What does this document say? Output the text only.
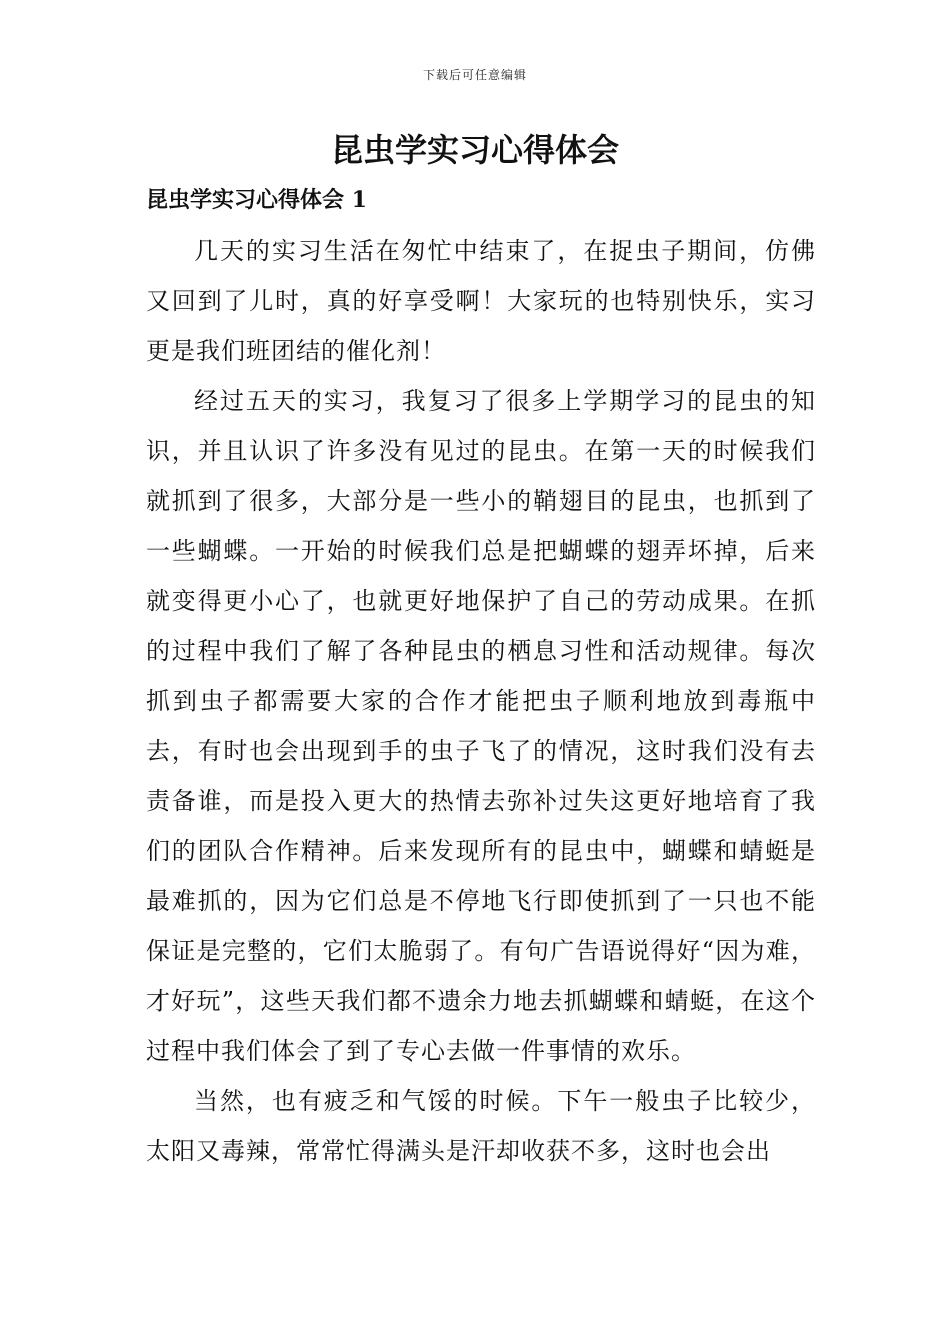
下载后可任意编辑
昆虫学实习心得体会
昆虫学实习心得体会 1

几天的实习生活在匆忙中结束了，在捉虫子期间，仿佛又回到了儿时，真的好享受啊！大家玩的也特别快乐，实习更是我们班团结的催化剂！

经过五天的实习，我复习了很多上学期学习的昆虫的知识，并且认识了许多没有见过的昆虫。在第一天的时候我们就抓到了很多，大部分是一些小的鞘翅目的昆虫，也抓到了一些蝴蝶。一开始的时候我们总是把蝴蝶的翅弄坏掉，后来就变得更小心了，也就更好地保护了自己的劳动成果。在抓的过程中我们了解了各种昆虫的栖息习性和活动规律。每次抓到虫子都需要大家的合作才能把虫子顺利地放到毒瓶中去，有时也会出现到手的虫子飞了的情况，这时我们没有去责备谁，而是投入更大的热情去弥补过失这更好地培育了我们的团队合作精神。后来发现所有的昆虫中，蝴蝶和蜻蜓是最难抓的，因为它们总是不停地飞行即使抓到了一只也不能保证是完整的，它们太脆弱了。有句广告语说得好“因为难，才好玩”，这些天我们都不遗余力地去抓蝴蝶和蜻蜓，在这个过程中我们体会了到了专心去做一件事情的欢乐。

当然，也有疲乏和气馁的时候。下午一般虫子比较少，太阳又毒辣，常常忙得满头是汗却收获不多，这时也会出
